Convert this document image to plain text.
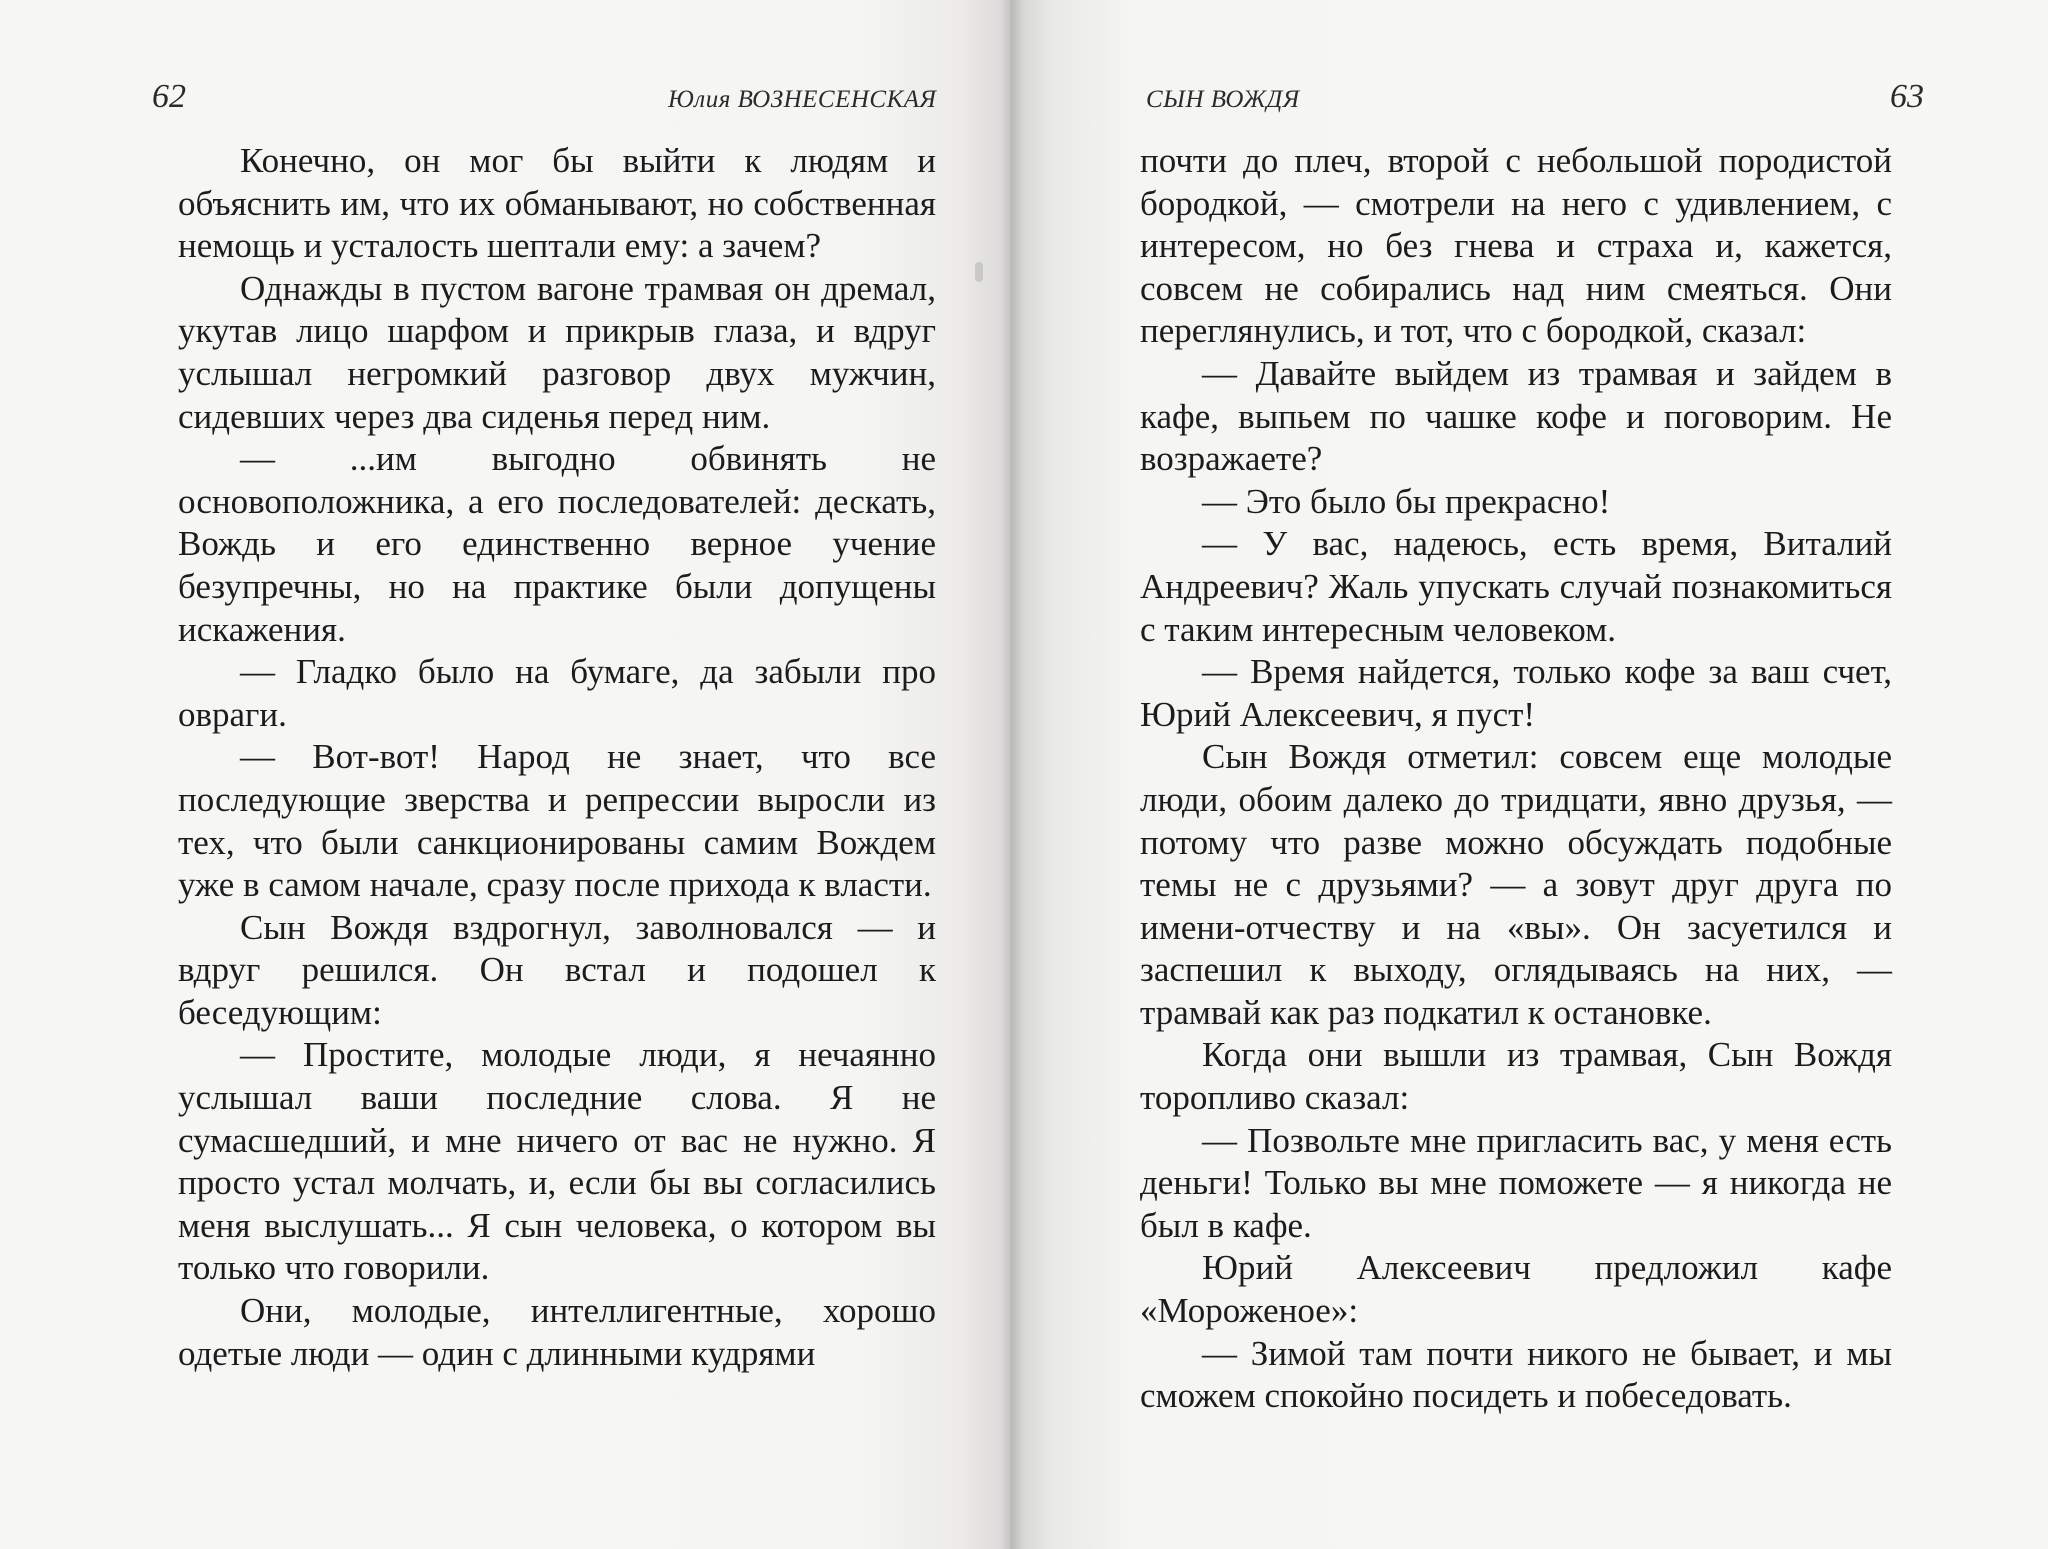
62	Юлия ВОЗНЕСЕНСКАЯ

Конечно, он мог бы выйти к людям и объяснить им, что их обманывают, но собственная немощь и усталость шептали ему: а зачем?

Однажды в пустом вагоне трамвая он дремал, укутав лицо шарфом и прикрыв глаза, и вдруг услышал негромкий разговор двух мужчин, сидевших через два сиденья перед ним.

— ...им выгодно обвинять не основоположника, а его последователей: дескать, Вождь и его единственно верное учение безупречны, но на практике были допущены искажения.

— Гладко было на бумаге, да забыли про овраги.

— Вот-вот! Народ не знает, что все последующие зверства и репрессии выросли из тех, что были санкционированы самим Вождем уже в самом начале, сразу после прихода к власти.

Сын Вождя вздрогнул, заволновался — и вдруг решился. Он встал и подошел к беседующим:

— Простите, молодые люди, я нечаянно услышал ваши последние слова. Я не сумасшедший, и мне ничего от вас не нужно. Я просто устал молчать, и, если бы вы согласились меня выслушать... Я сын человека, о котором вы только что говорили.

Они, молодые, интеллигентные, хорошо одетые люди — один с длинными кудрями

СЫН ВОЖДЯ	63

почти до плеч, второй с небольшой породистой бородкой, — смотрели на него с удивлением, с интересом, но без гнева и страха и, кажется, совсем не собирались над ним смеяться. Они переглянулись, и тот, что с бородкой, сказал:

— Давайте выйдем из трамвая и зайдем в кафе, выпьем по чашке кофе и поговорим. Не возражаете?

— Это было бы прекрасно!

— У вас, надеюсь, есть время, Виталий Андреевич? Жаль упускать случай познакомиться с таким интересным человеком.

— Время найдется, только кофе за ваш счет, Юрий Алексеевич, я пуст!

Сын Вождя отметил: совсем еще молодые люди, обоим далеко до тридцати, явно друзья, — потому что разве можно обсуждать подобные темы не с друзьями? — а зовут друг друга по имени-отчеству и на «вы». Он засуетился и заспешил к выходу, оглядываясь на них, — трамвай как раз подкатил к остановке.

Когда они вышли из трамвая, Сын Вождя торопливо сказал:

— Позвольте мне пригласить вас, у меня есть деньги! Только вы мне поможете — я никогда не был в кафе.

Юрий Алексеевич предложил кафе «Мороженое»:

— Зимой там почти никого не бывает, и мы сможем спокойно посидеть и побеседовать.
